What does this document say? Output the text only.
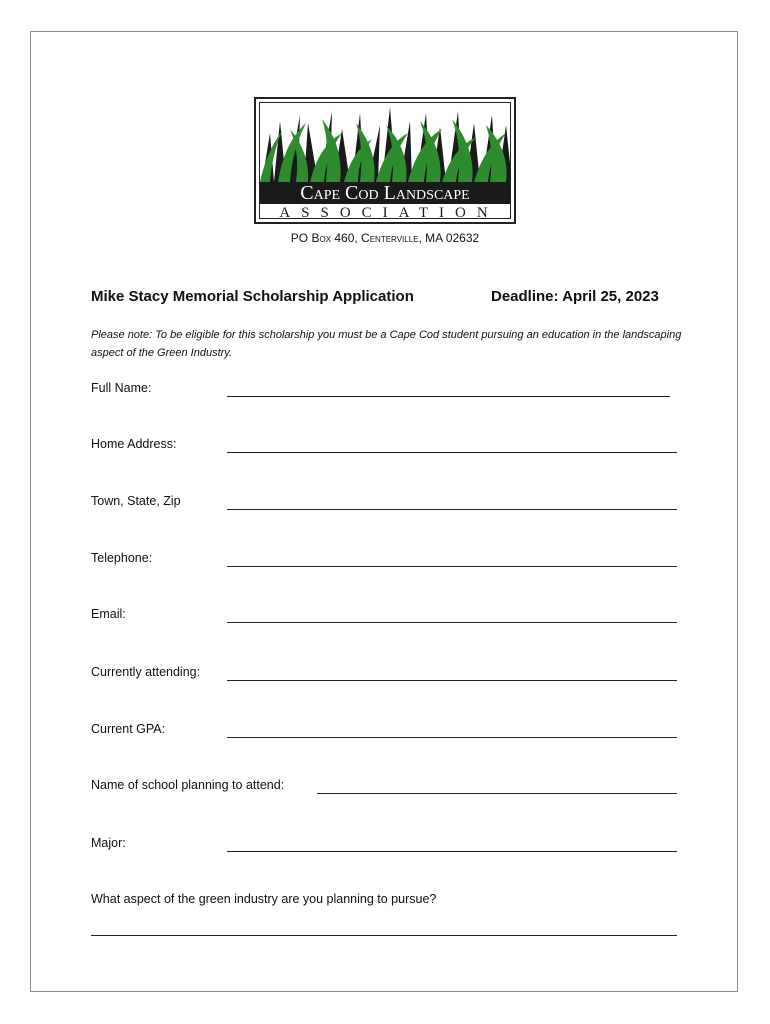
Cape Cod Landscape
ASSOCIATION
PO Box 460, Centerville, MA 02632
Mike Stacy Memorial Scholarship Application	Deadline: April 25, 2023
Please note: To be eligible for this scholarship you must be a Cape Cod student pursuing an education in the landscaping aspect of the Green Industry.
Full Name:
Home Address:
Town, State, Zip
Telephone:
Email:
Currently attending:
Current GPA:
Name of school planning to attend:
Major:
What aspect of the green industry are you planning to pursue?
